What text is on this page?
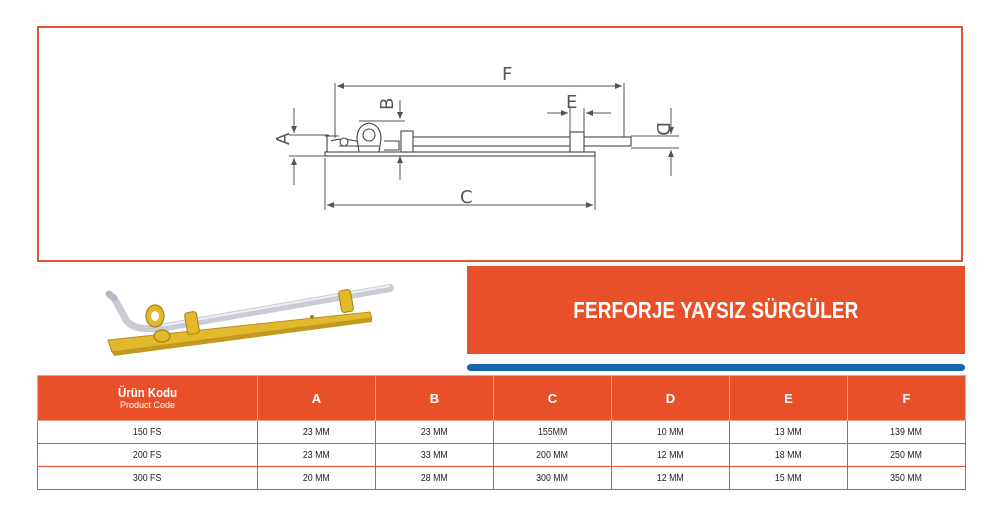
F
C
A
B	E
D
FERFORJE YAYSIZ SÜRGÜLER
Ürün Kodu
Product Code	A	B	C	D	E	F
150 FS	23 MM	23 MM	155MM	10 MM	13 MM	139 MM
200 FS	23 MM	33 MM	200 MM	12 MM	18 MM	250 MM
300 FS	20 MM	28 MM	300 MM	12 MM	15 MM	350 MM
